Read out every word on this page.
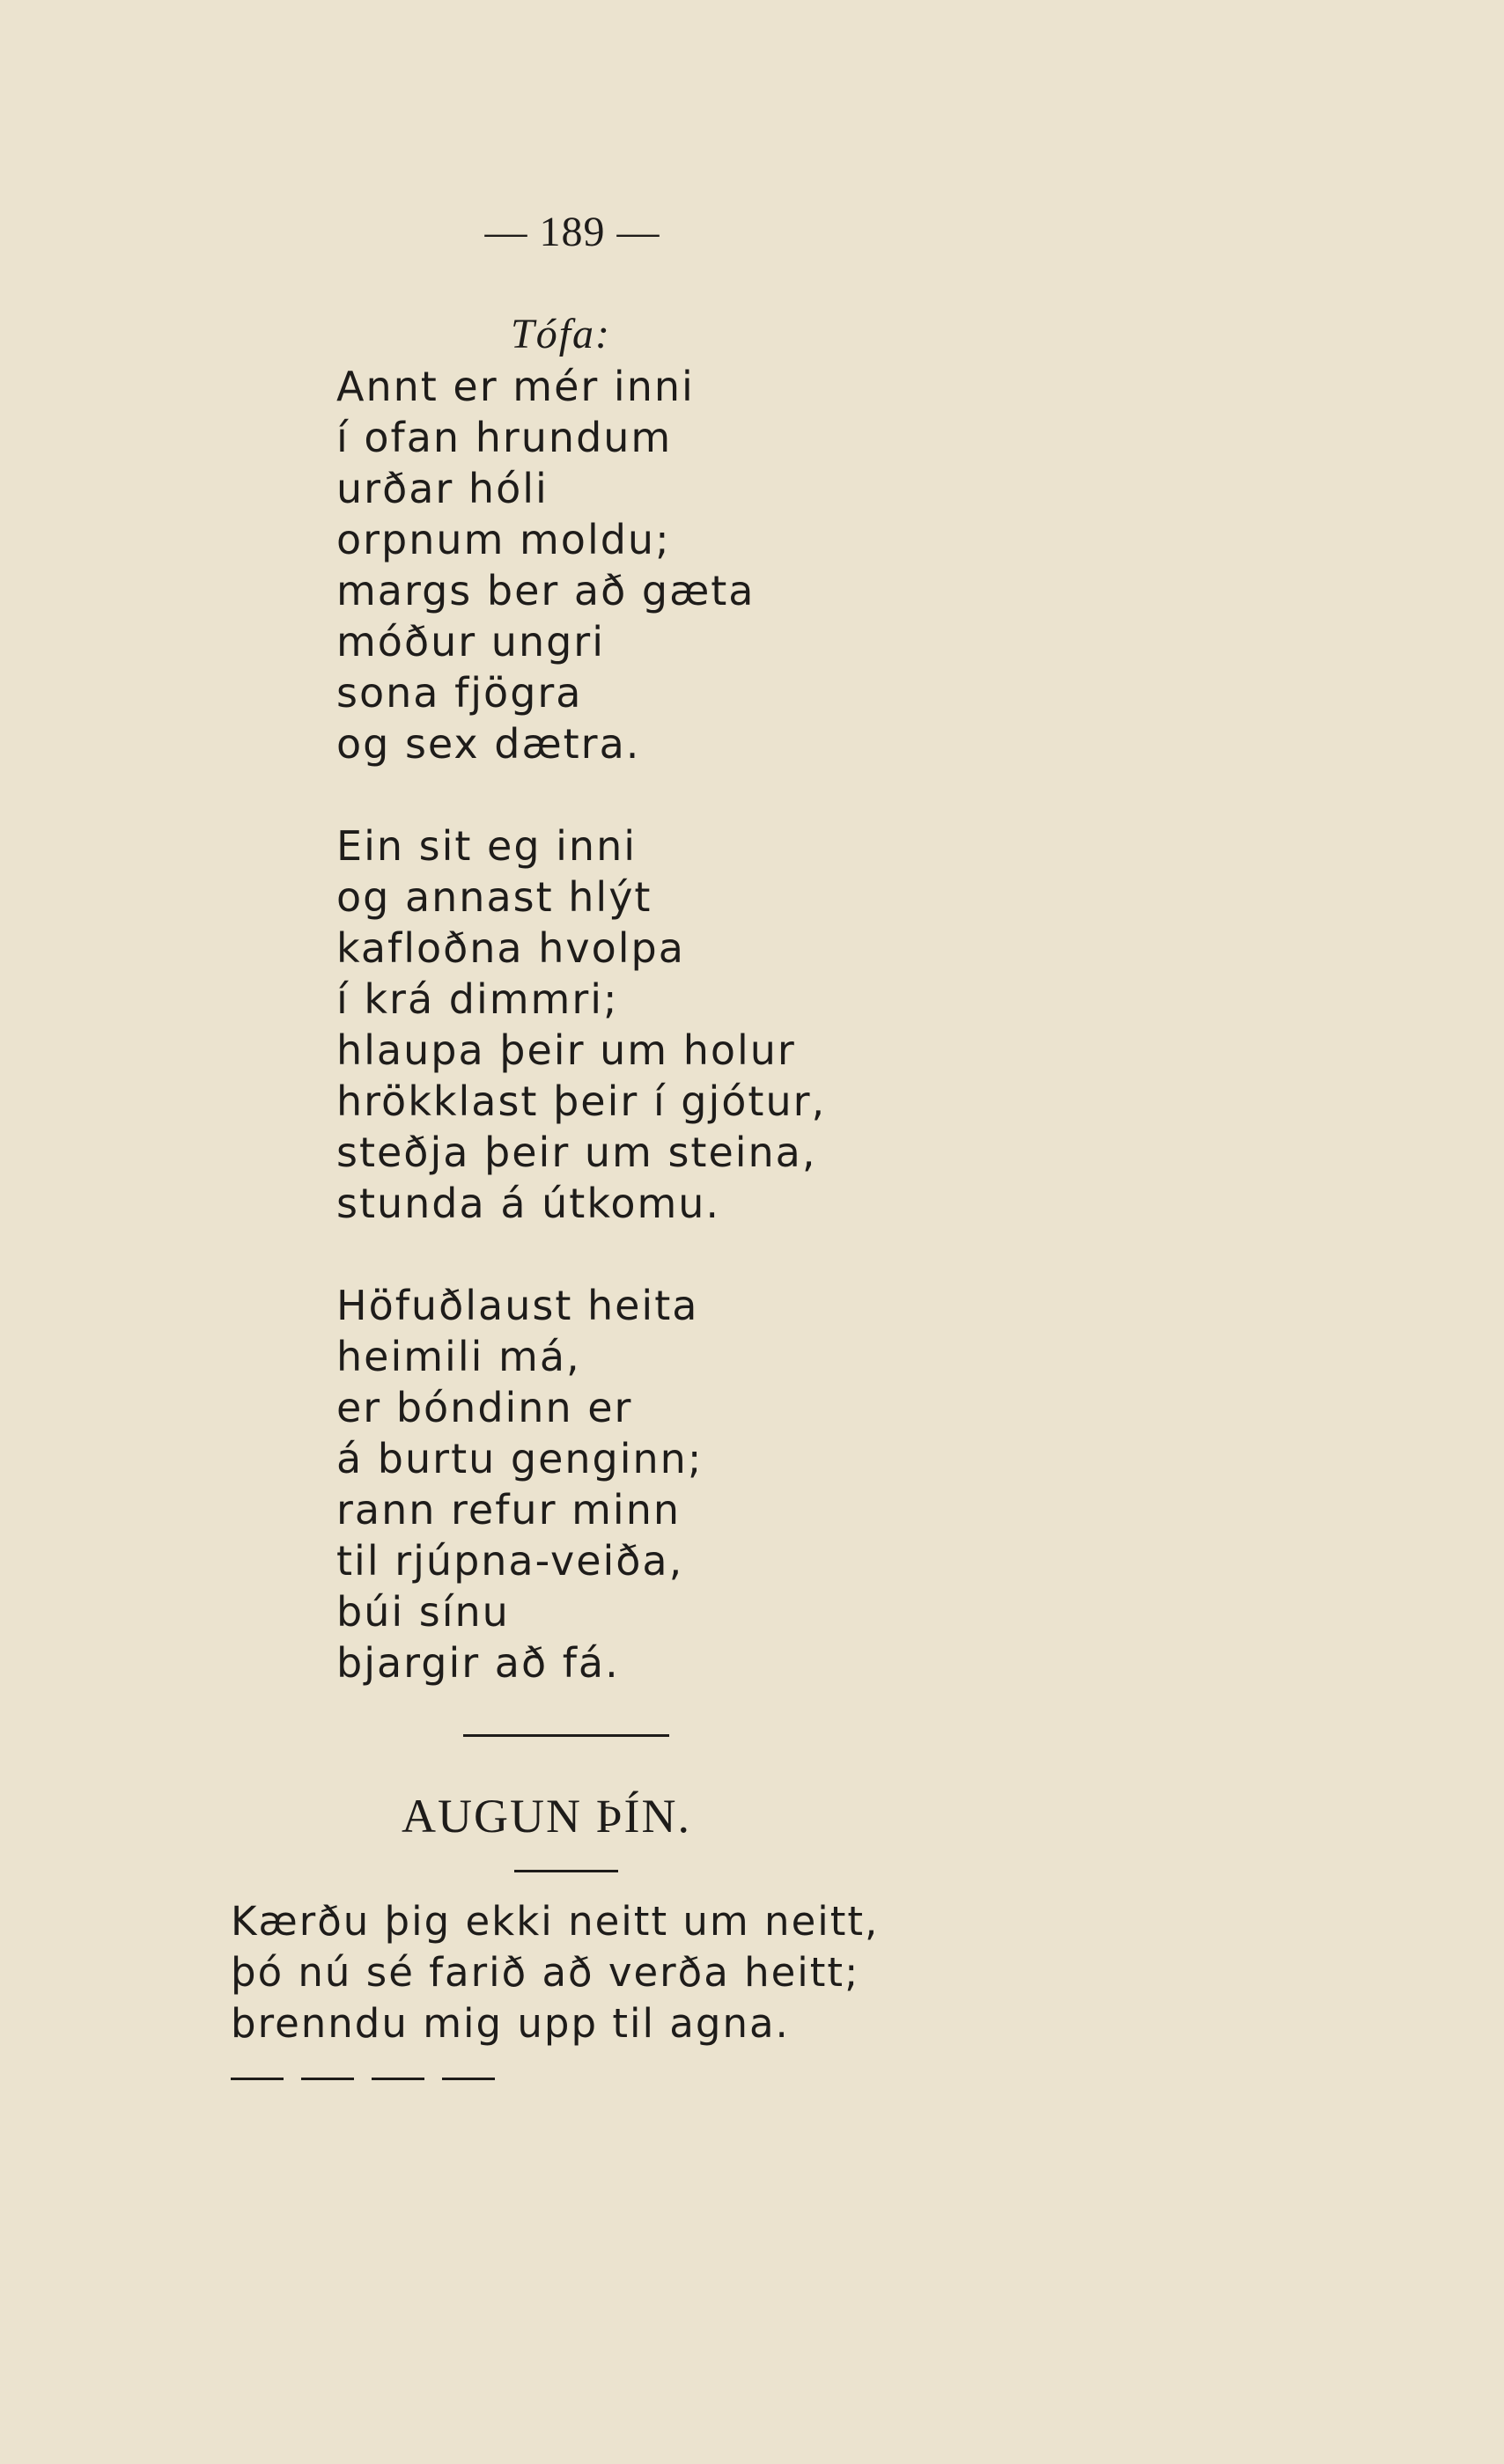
— 189 —
Tófa:
Annt er mér inni
í ofan hrundum
urðar hóli
orpnum moldu;
margs ber að gæta
móður ungri
sona fjögra
og sex dætra.
Ein sit eg inni
og annast hlýt
kafloðna hvolpa
í krá dimmri;
hlaupa þeir um holur
hrökklast þeir í gjótur,
steðja þeir um steina,
stunda á útkomu.
Höfuðlaust heita
heimili má,
er bóndinn er
á burtu genginn;
rann refur minn
til rjúpna-veiða,
búi sínu
bjargir að fá.
AUGUN ÞÍN.
Kærðu þig ekki neitt um neitt,
þó nú sé farið að verða heitt;
brenndu mig upp til agna.
